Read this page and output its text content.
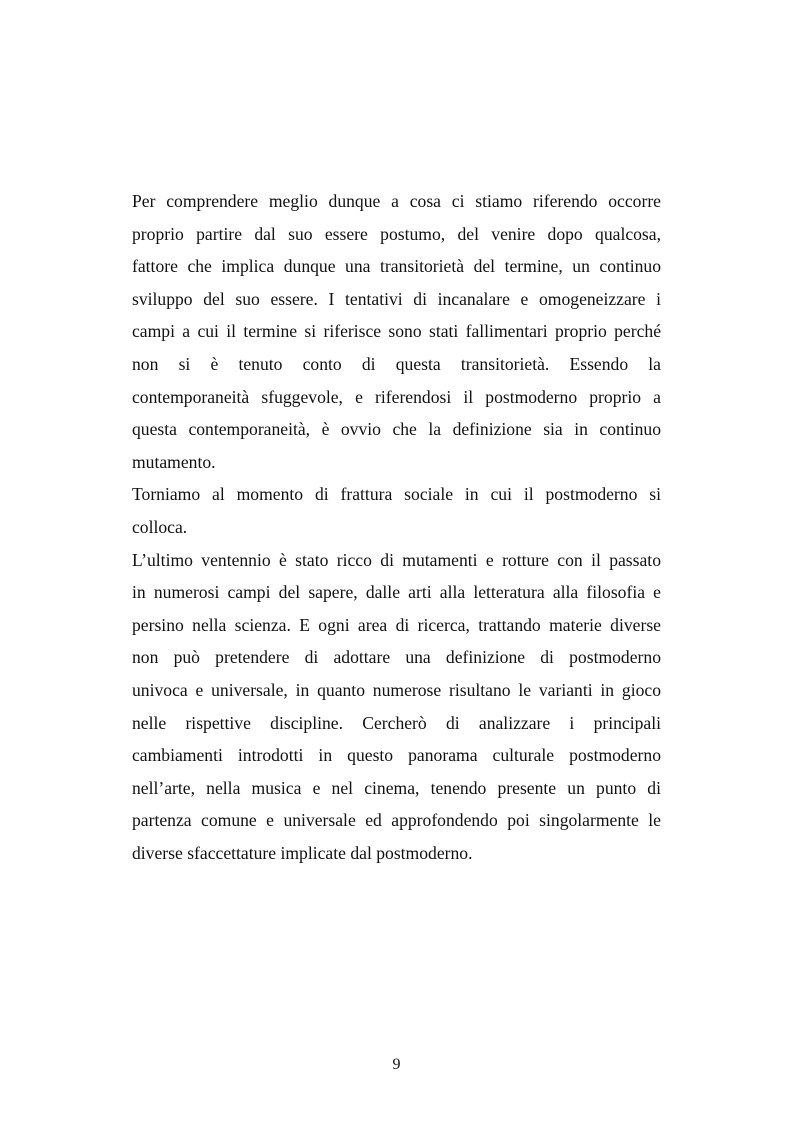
Per comprendere meglio dunque a cosa ci stiamo riferendo occorre
proprio partire dal suo essere postumo, del venire dopo qualcosa,
fattore che implica dunque una transitorietà del termine, un continuo
sviluppo del suo essere. I tentativi di incanalare e omogeneizzare i
campi a cui il termine si riferisce sono stati fallimentari proprio perché
non si è tenuto conto di questa transitorietà. Essendo la
contemporaneità sfuggevole, e riferendosi il postmoderno proprio a
questa contemporaneità, è ovvio che la definizione sia in continuo
mutamento.
Torniamo al momento di frattura sociale in cui il postmoderno si
colloca.
L’ultimo ventennio è stato ricco di mutamenti e rotture con il passato
in numerosi campi del sapere, dalle arti alla letteratura alla filosofia e
persino nella scienza. E ogni area di ricerca, trattando materie diverse
non può pretendere di adottare una definizione di postmoderno
univoca e universale, in quanto numerose risultano le varianti in gioco
nelle rispettive discipline. Cercherò di analizzare i principali
cambiamenti introdotti in questo panorama culturale postmoderno
nell’arte, nella musica e nel cinema, tenendo presente un punto di
partenza comune e universale ed approfondendo poi singolarmente le
diverse sfaccettature implicate dal postmoderno.
9
